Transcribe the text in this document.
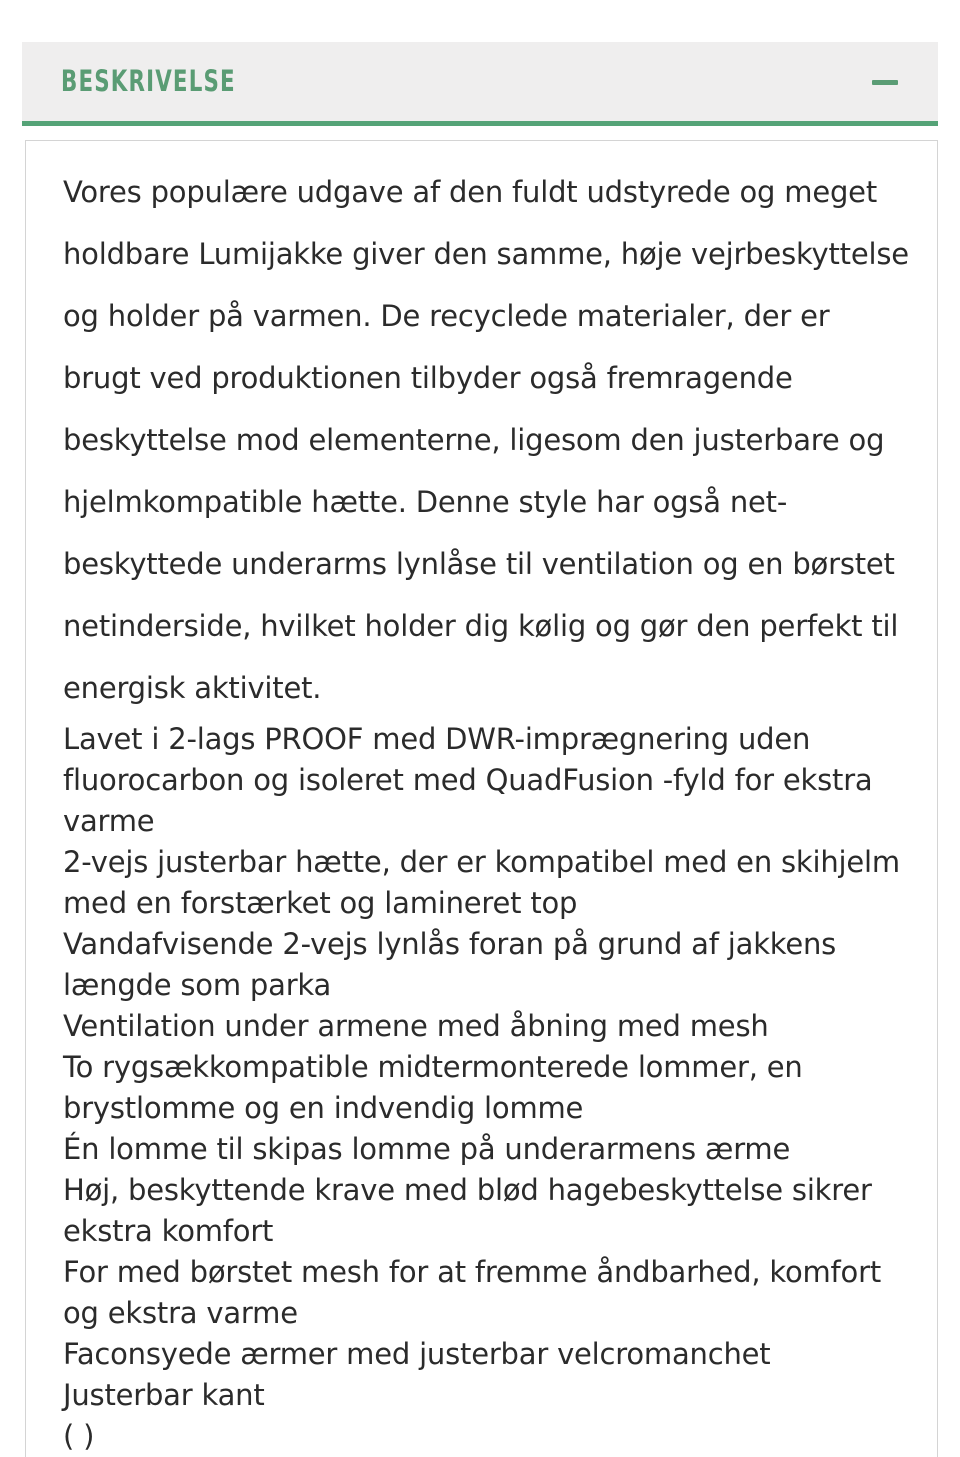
BESKRIVELSE

Vores populære udgave af den fuldt udstyrede og meget holdbare Lumijakke giver den samme, høje vejrbeskyttelse og holder på varmen. De recyclede materialer, der er brugt ved produktionen tilbyder også fremragende beskyttelse mod elementerne, ligesom den justerbare og hjelmkompatible hætte. Denne style har også net-beskyttede underarms lynlåse til ventilation og en børstet netinderside, hvilket holder dig kølig og gør den perfekt til energisk aktivitet.

Lavet i 2-lags PROOF med DWR-imprægnering uden fluorocarbon og isoleret med QuadFusion -fyld for ekstra varme
2-vejs justerbar hætte, der er kompatibel med en skihjelm med en forstærket og lamineret top
Vandafvisende 2-vejs lynlås foran på grund af jakkens længde som parka
Ventilation under armene med åbning med mesh
To rygsækkompatible midtermonterede lommer, en brystlomme og en indvendig lomme
Én lomme til skipas lomme på underarmens ærme
Høj, beskyttende krave med blød hagebeskyttelse sikrer ekstra komfort
For med børstet mesh for at fremme åndbarhed, komfort og ekstra varme
Faconsyede ærmer med justerbar velcromanchet
Justerbar kant

( )
